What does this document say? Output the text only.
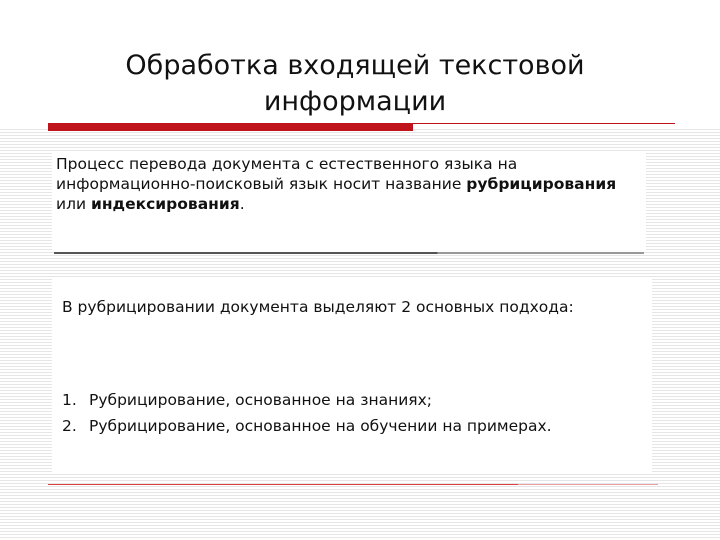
Обработка входящей текстовой информации

Процесс перевода документа с естественного языка на информационно-поисковый язык носит название рубрицирования или индексирования.

В рубрицировании документа выделяют 2 основных подхода:

1. Рубрицирование, основанное на знаниях;
2. Рубрицирование, основанное на обучении на примерах.
